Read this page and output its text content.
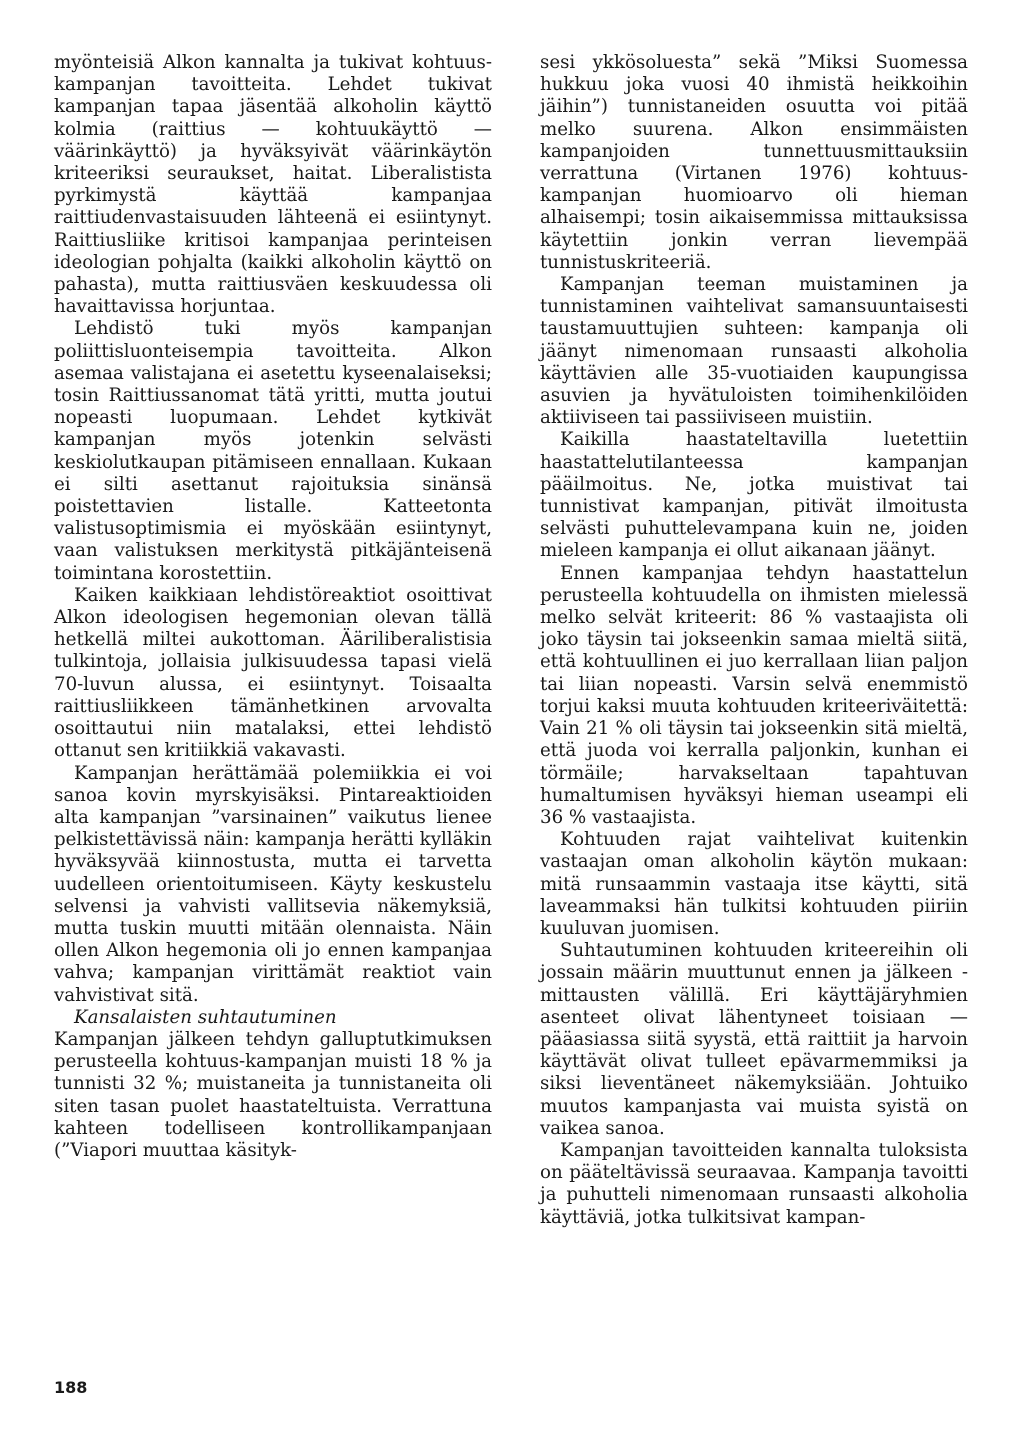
myönteisiä Alkon kannalta ja tukivat kohtuus-kampanjan tavoitteita. Lehdet tukivat kampanjan tapaa jäsentää alkoholin käyttö kolmia (raittius — kohtuukäyttö — väärinkäyttö) ja hyväksyivät väärinkäytön kriteeriksi seuraukset, haitat. Liberalistista pyrkimystä käyttää kampanjaa raittiudenvastaisuuden lähteenä ei esiintynyt. Raittiusliike kritisoi kampanjaa perinteisen ideologian pohjalta (kaikki alkoholin käyttö on pahasta), mutta raittiusväen keskuudessa oli havaittavissa horjuntaa.

Lehdistö tuki myös kampanjan poliittisluonteisempia tavoitteita. Alkon asemaa valistajana ei asetettu kyseenalaiseksi; tosin Raittiussanomat tätä yritti, mutta joutui nopeasti luopumaan. Lehdet kytkivät kampanjan myös jotenkin selvästi keskiolutkaupan pitämiseen ennallaan. Kukaan ei silti asettanut rajoituksia sinänsä poistettavien listalle. Katteetonta valistusoptimismia ei myöskään esiintynyt, vaan valistuksen merkitystä pitkäjänteisenä toimintana korostettiin.

Kaiken kaikkiaan lehdistöreaktiot osoittivat Alkon ideologisen hegemonian olevan tällä hetkellä miltei aukottoman. Ääriliberalistisia tulkintoja, jollaisia julkisuudessa tapasi vielä 70-luvun alussa, ei esiintynyt. Toisaalta raittiusliikkeen tämänhetkinen arvovalta osoittautui niin matalaksi, ettei lehdistö ottanut sen kritiikkiä vakavasti.

Kampanjan herättämää polemiikkia ei voi sanoa kovin myrskyisäksi. Pintareaktioiden alta kampanjan ”varsinainen” vaikutus lienee pelkistettävissä näin: kampanja herätti kylläkin hyväksyvää kiinnostusta, mutta ei tarvetta uudelleen orientoitumiseen. Käyty keskustelu selvensi ja vahvisti vallitsevia näkemyksiä, mutta tuskin muutti mitään olennaista. Näin ollen Alkon hegemonia oli jo ennen kampanjaa vahva; kampanjan virittämät reaktiot vain vahvistivat sitä.

Kansalaisten suhtautuminen

Kampanjan jälkeen tehdyn galluptutkimuksen perusteella kohtuus-kampanjan muisti 18 % ja tunnisti 32 %; muistaneita ja tunnistaneita oli siten tasan puolet haastateltuista. Verrattuna kahteen todelliseen kontrollikampanjaan (”Viapori muuttaa käsityk-

sesi ykkösoluesta” sekä ”Miksi Suomessa hukkuu joka vuosi 40 ihmistä heikkoihin jäihin”) tunnistaneiden osuutta voi pitää melko suurena. Alkon ensimmäisten kampanjoiden tunnettuusmittauksiin verrattuna (Virtanen 1976) kohtuus-kampanjan huomioarvo oli hieman alhaisempi; tosin aikaisemmissa mittauksissa käytettiin jonkin verran lievempää tunnistuskriteeriä.

Kampanjan teeman muistaminen ja tunnistaminen vaihtelivat samansuuntaisesti taustamuuttujien suhteen: kampanja oli jäänyt nimenomaan runsaasti alkoholia käyttävien alle 35-vuotiaiden kaupungissa asuvien ja hyvätuloisten toimihenkilöiden aktiiviseen tai passiiviseen muistiin.

Kaikilla haastateltavilla luetettiin haastattelutilanteessa kampanjan pääilmoitus. Ne, jotka muistivat tai tunnistivat kampanjan, pitivät ilmoitusta selvästi puhuttelevampana kuin ne, joiden mieleen kampanja ei ollut aikanaan jäänyt.

Ennen kampanjaa tehdyn haastattelun perusteella kohtuudella on ihmisten mielessä melko selvät kriteerit: 86 % vastaajista oli joko täysin tai jokseenkin samaa mieltä siitä, että kohtuullinen ei juo kerrallaan liian paljon tai liian nopeasti. Varsin selvä enemmistö torjui kaksi muuta kohtuuden kriteeriväitettä: Vain 21 % oli täysin tai jokseenkin sitä mieltä, että juoda voi kerralla paljonkin, kunhan ei törmäile; harvakseltaan tapahtuvan humaltumisen hyväksyi hieman useampi eli 36 % vastaajista.

Kohtuuden rajat vaihtelivat kuitenkin vastaajan oman alkoholin käytön mukaan: mitä runsaammin vastaaja itse käytti, sitä laveammaksi hän tulkitsi kohtuuden piiriin kuuluvan juomisen.

Suhtautuminen kohtuuden kriteereihin oli jossain määrin muuttunut ennen ja jälkeen -mittausten välillä. Eri käyttäjäryhmien asenteet olivat lähentyneet toisiaan — pääasiassa siitä syystä, että raittiit ja harvoin käyttävät olivat tulleet epävarmemmiksi ja siksi lieventäneet näkemyksiään. Johtuiko muutos kampanjasta vai muista syistä on vaikea sanoa.

Kampanjan tavoitteiden kannalta tuloksista on pääteltävissä seuraavaa. Kampanja tavoitti ja puhutteli nimenomaan runsaasti alkoholia käyttäviä, jotka tulkitsivat kampan-

188
